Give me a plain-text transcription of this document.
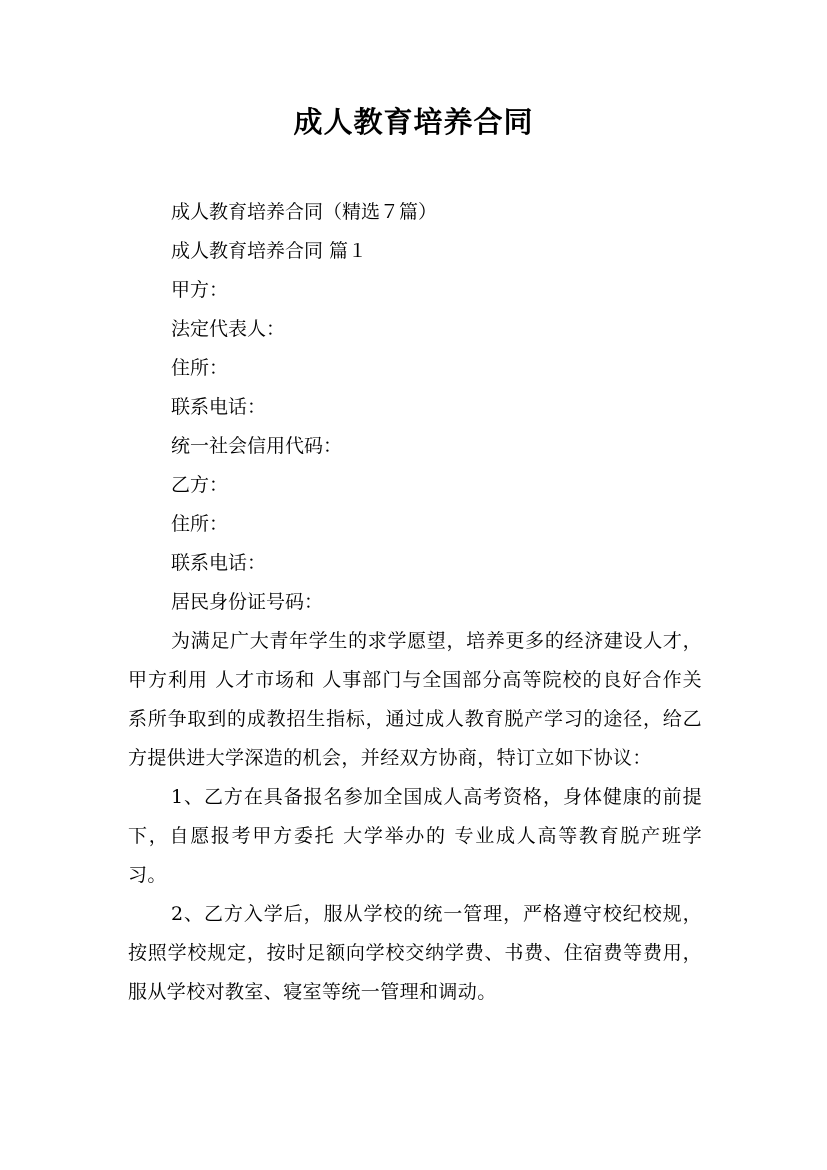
成人教育培养合同

成人教育培养合同（精选７篇）

成人教育培养合同 篇１

甲方：

法定代表人：

住所：

联系电话：

统一社会信用代码：

乙方：

住所：

联系电话：

居民身份证号码：

为满足广大青年学生的求学愿望，培养更多的经济建设人才，甲方利用 人才市场和 人事部门与全国部分高等院校的良好合作关系所争取到的成教招生指标，通过成人教育脱产学习的途径，给乙方提供进大学深造的机会，并经双方协商，特订立如下协议：

1、乙方在具备报名参加全国成人高考资格，身体健康的前提下，自愿报考甲方委托 大学举办的 专业成人高等教育脱产班学习。

2、乙方入学后，服从学校的统一管理，严格遵守校纪校规，按照学校规定，按时足额向学校交纳学费、书费、住宿费等费用，服从学校对教室、寝室等统一管理和调动。
